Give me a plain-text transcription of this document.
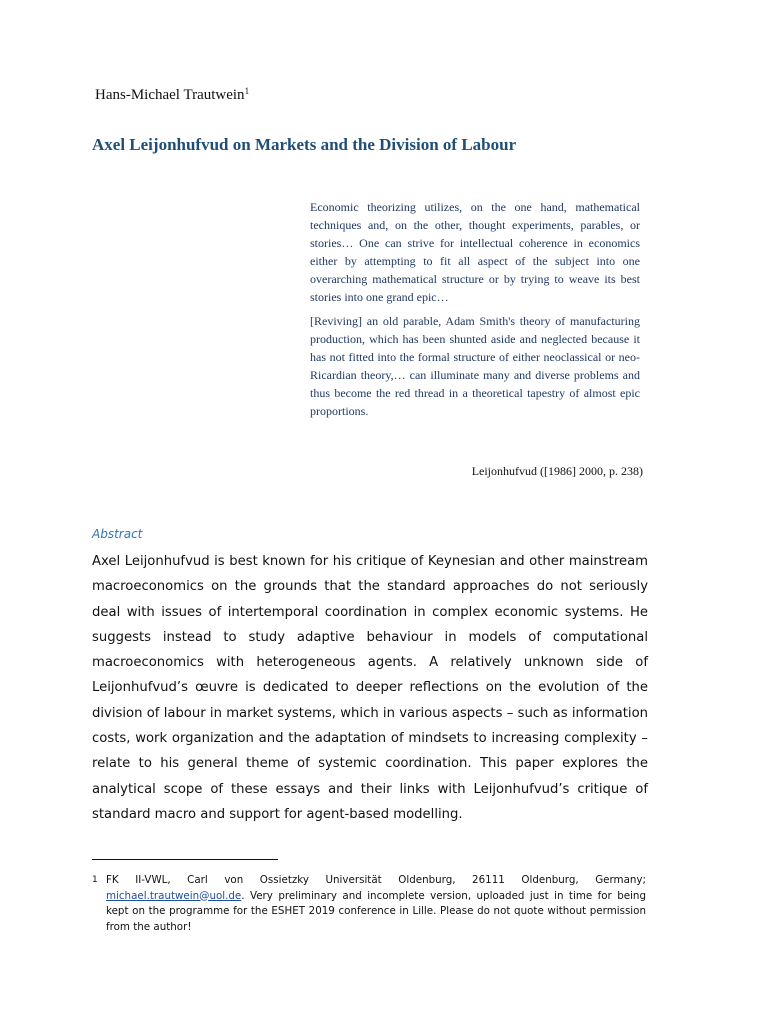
Hans-Michael Trautwein$^1$
Axel Leijonhufvud on Markets and the Division of Labour

Economic theorizing utilizes, on the one hand, mathematical techniques and, on the other, thought experiments, parables, or stories… One can strive for intellectual coherence in economics either by attempting to fit all aspect of the subject into one overarching mathematical structure or by trying to weave its best stories into one grand epic…

[Reviving] an old parable, Adam Smith's theory of manufacturing production, which has been shunted aside and neglected because it has not fitted into the formal structure of either neoclassical or neo-Ricardian theory,… can illuminate many and diverse problems and thus become the red thread in a theoretical tapestry of almost epic proportions.

Leijonhufvud ([1986] 2000, p. 238)
Abstract

Axel Leijonhufvud is best known for his critique of Keynesian and other mainstream macroeconomics on the grounds that the standard approaches do not seriously deal with issues of intertemporal coordination in complex economic systems. He suggests instead to study adaptive behaviour in models of computational macroeconomics with heterogeneous agents. A relatively unknown side of Leijonhufvud’s œuvre is dedicated to deeper reflections on the evolution of the division of labour in market systems, which in various aspects – such as information costs, work organization and the adaptation of mindsets to increasing complexity – relate to his general theme of systemic coordination. This paper explores the analytical scope of these essays and their links with Leijonhufvud’s critique of standard macro and support for agent-based modelling.

1 FK II-VWL, Carl von Ossietzky Universität Oldenburg, 26111 Oldenburg, Germany; michael.trautwein@uol.de. Very preliminary and incomplete version, uploaded just in time for being kept on the programme for the ESHET 2019 conference in Lille. Please do not quote without permission from the author!
